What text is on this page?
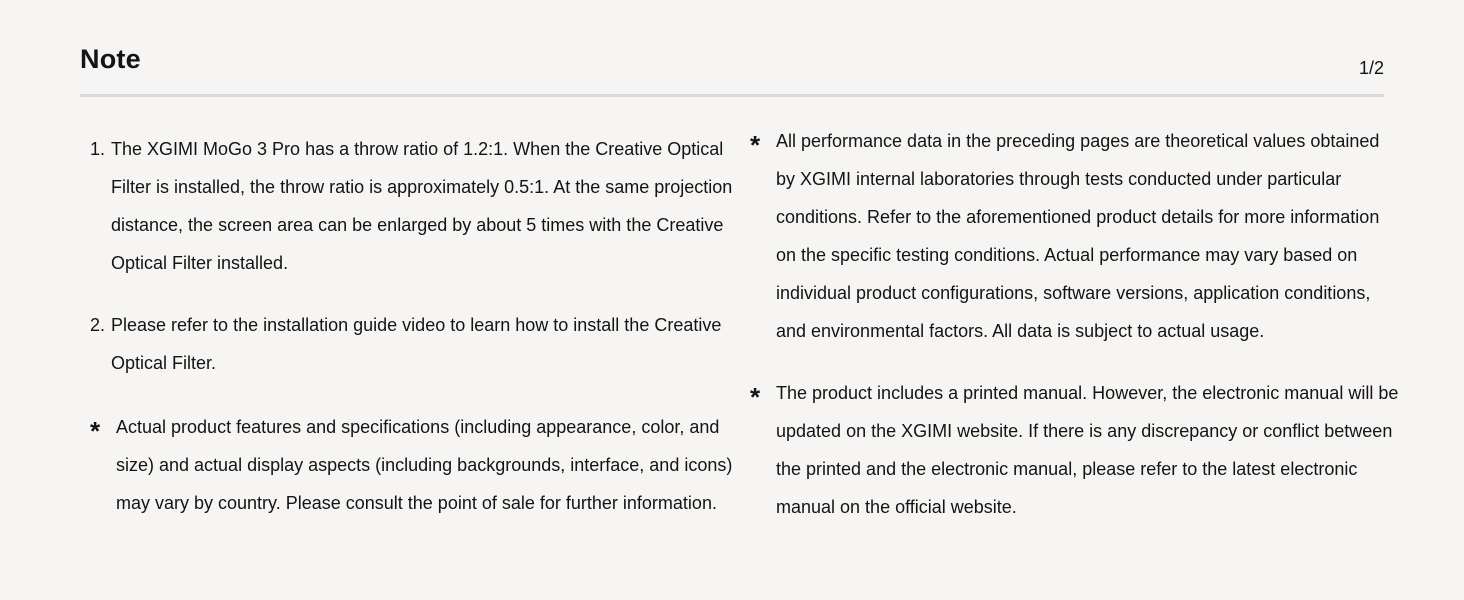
Note	1/2
1. The XGIMI MoGo 3 Pro has a throw ratio of 1.2:1. When the Creative Optical Filter is installed, the throw ratio is approximately 0.5:1. At the same projection distance, the screen area can be enlarged by about 5 times with the Creative Optical Filter installed.
2. Please refer to the installation guide video to learn how to install the Creative Optical Filter.
* Actual product features and specifications (including appearance, color, and size) and actual display aspects (including backgrounds, interface, and icons) may vary by country. Please consult the point of sale for further information.
* All performance data in the preceding pages are theoretical values obtained by XGIMI internal laboratories through tests conducted under particular conditions. Refer to the aforementioned product details for more information on the specific testing conditions. Actual performance may vary based on individual product configurations, software versions, application conditions, and environmental factors. All data is subject to actual usage.
* The product includes a printed manual. However, the electronic manual will be updated on the XGIMI website. If there is any discrepancy or conflict between the printed and the electronic manual, please refer to the latest electronic manual on the official website.
